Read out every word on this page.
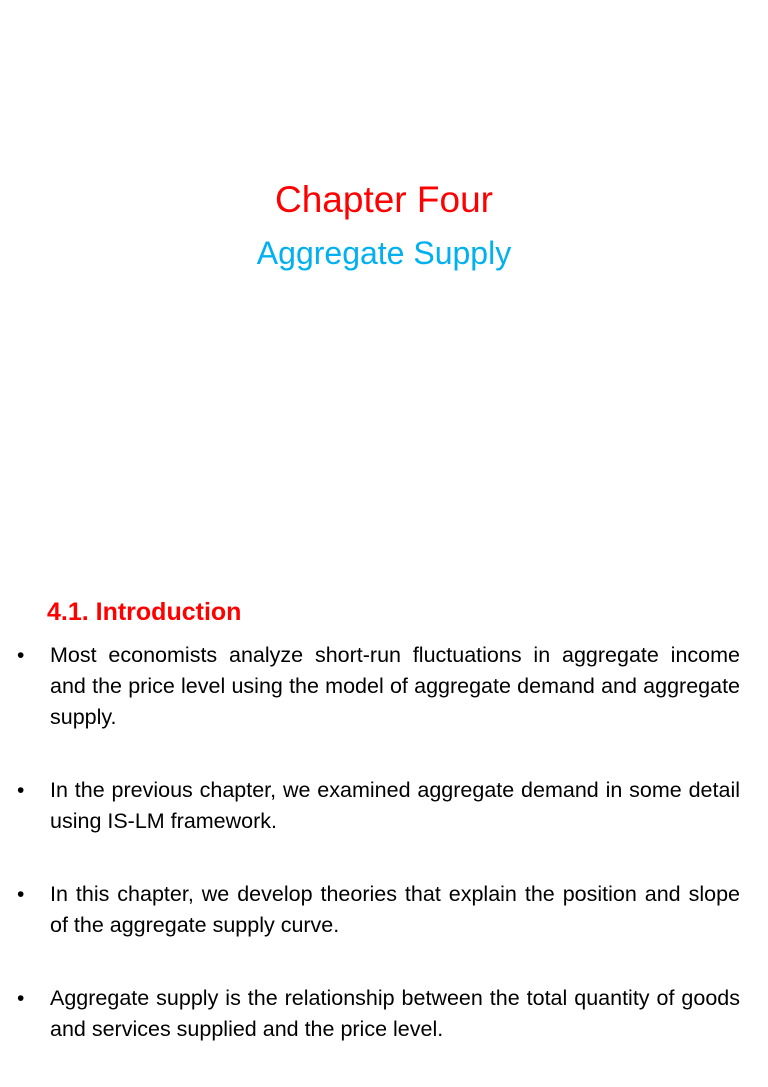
Chapter Four
Aggregate Supply
4.1. Introduction
• Most economists analyze short-run fluctuations in aggregate income and the price level using the model of aggregate demand and aggregate supply.
• In the previous chapter, we examined aggregate demand in some detail using IS-LM framework.
• In this chapter, we develop theories that explain the position and slope of the aggregate supply curve.
• Aggregate supply is the relationship between the total quantity of goods and services supplied and the price level.
